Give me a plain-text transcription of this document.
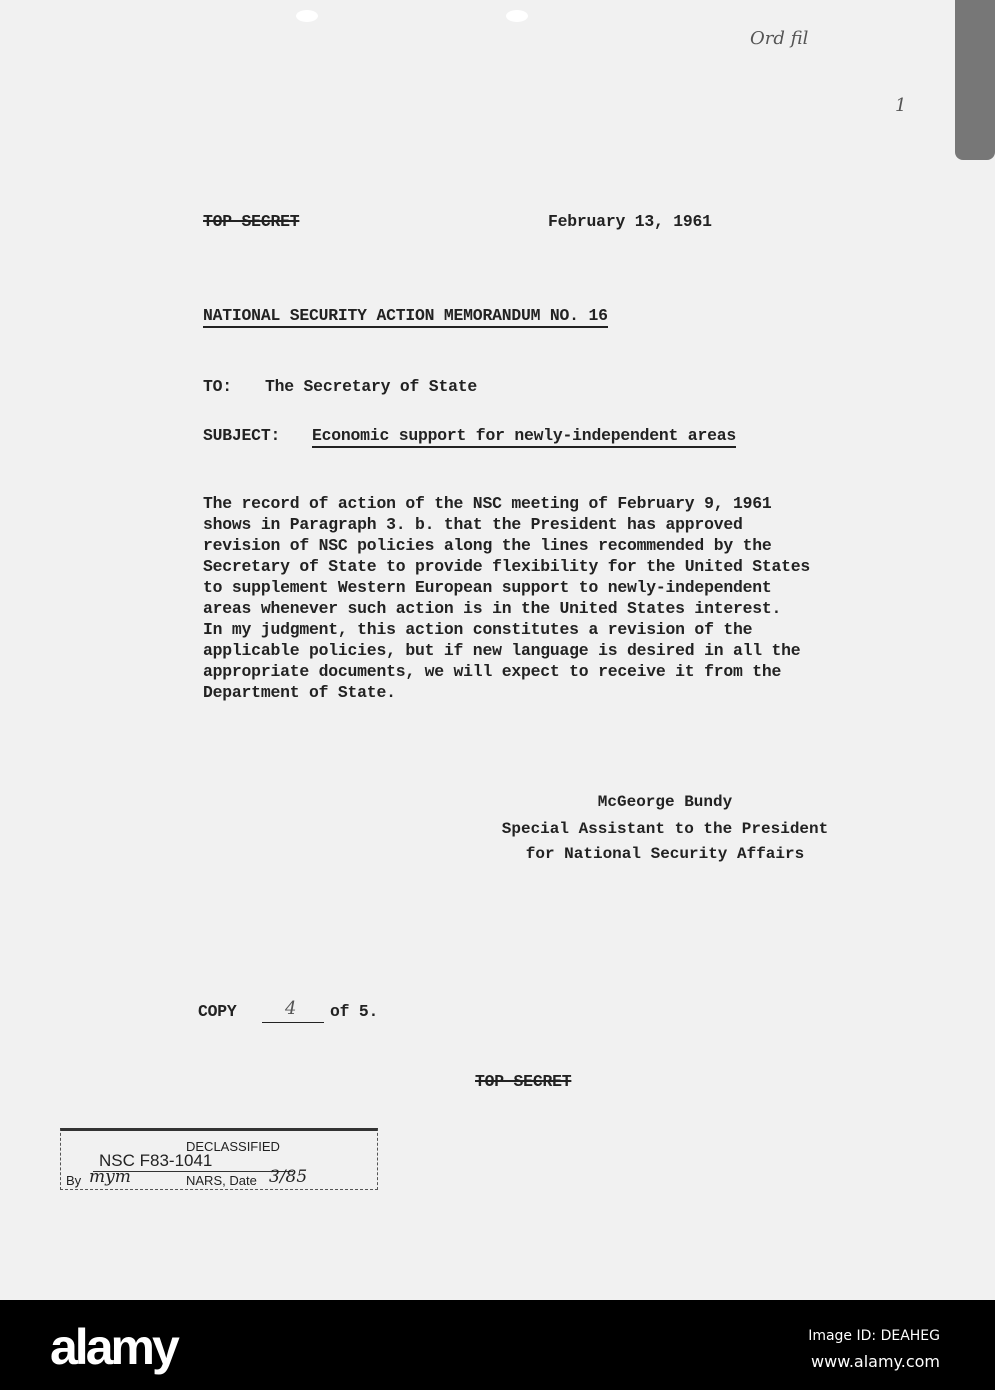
Ord fil
1
TOP SECRET	February 13, 1961
NATIONAL SECURITY ACTION MEMORANDUM NO. 16
TO: The Secretary of State
SUBJECT: Economic support for newly-independent areas
The record of action of the NSC meeting of February 9, 1961
shows in Paragraph 3. b. that the President has approved
revision of NSC policies along the lines recommended by the
Secretary of State to provide flexibility for the United States
to supplement Western European support to newly-independent
areas whenever such action is in the United States interest.
In my judgment, this action constitutes a revision of the
applicable policies, but if new language is desired in all the
appropriate documents, we will expect to receive it from the
Department of State.
McGeorge Bundy
Special Assistant to the President
for National Security Affairs
COPY	4 of 5.
TOP SECRET
DECLASSIFIED
NSC F83-1041
By mym	NARS, Date 3/85
alamy	Image ID: DEAHEG
www.alamy.com
